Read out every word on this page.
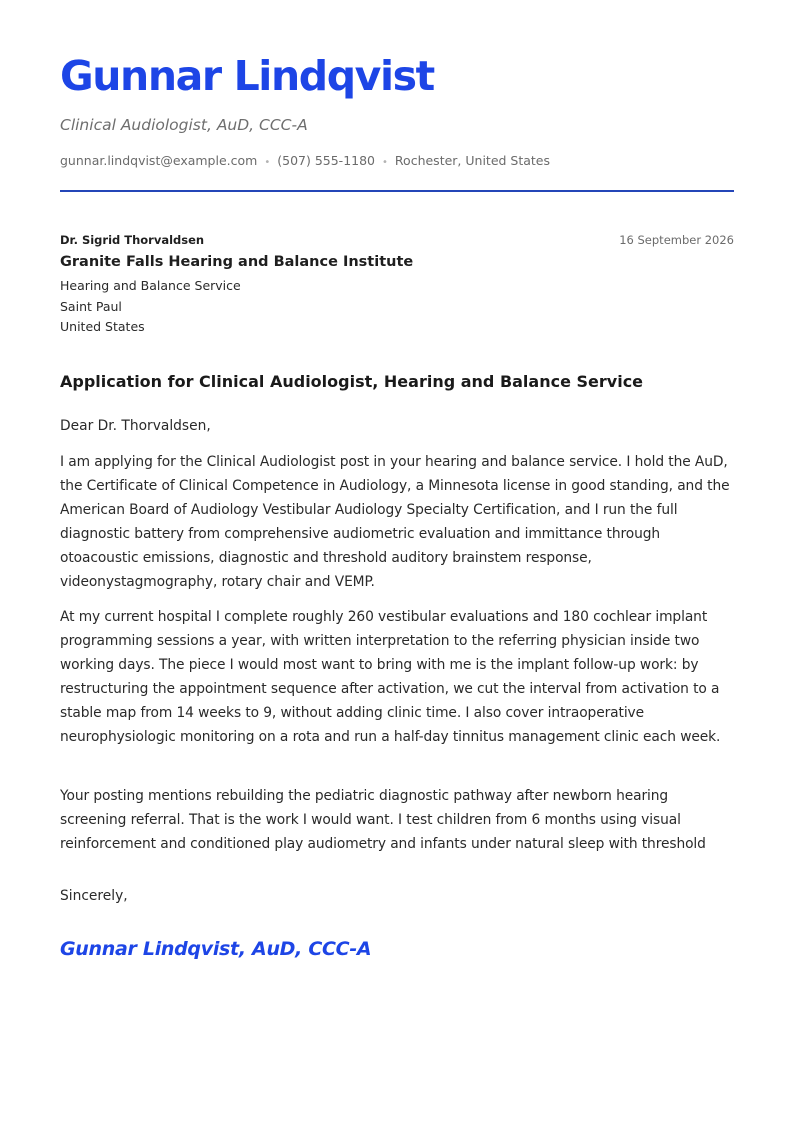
Gunnar Lindqvist
Clinical Audiologist, AuD, CCC-A
gunnar.lindqvist@example.com • (507) 555-1180 • Rochester, United States
Dr. Sigrid Thorvaldsen	16 September 2026
Granite Falls Hearing and Balance Institute
Hearing and Balance Service
Saint Paul
United States
Application for Clinical Audiologist, Hearing and Balance Service
Dear Dr. Thorvaldsen,
I am applying for the Clinical Audiologist post in your hearing and balance service. I hold the AuD, the Certificate of Clinical Competence in Audiology, a Minnesota license in good standing, and the American Board of Audiology Vestibular Audiology Specialty Certification, and I run the full diagnostic battery from comprehensive audiometric evaluation and immittance through otoacoustic emissions, diagnostic and threshold auditory brainstem response, videonystagmography, rotary chair and VEMP.
At my current hospital I complete roughly 260 vestibular evaluations and 180 cochlear implant programming sessions a year, with written interpretation to the referring physician inside two working days. The piece I would most want to bring with me is the implant follow-up work: by restructuring the appointment sequence after activation, we cut the interval from activation to a stable map from 14 weeks to 9, without adding clinic time. I also cover intraoperative neurophysiologic monitoring on a rota and run a half-day tinnitus management clinic each week.
Your posting mentions rebuilding the pediatric diagnostic pathway after newborn hearing screening referral. That is the work I would want. I test children from 6 months using visual reinforcement and conditioned play audiometry and infants under natural sleep with threshold
Sincerely,
Gunnar Lindqvist, AuD, CCC-A
